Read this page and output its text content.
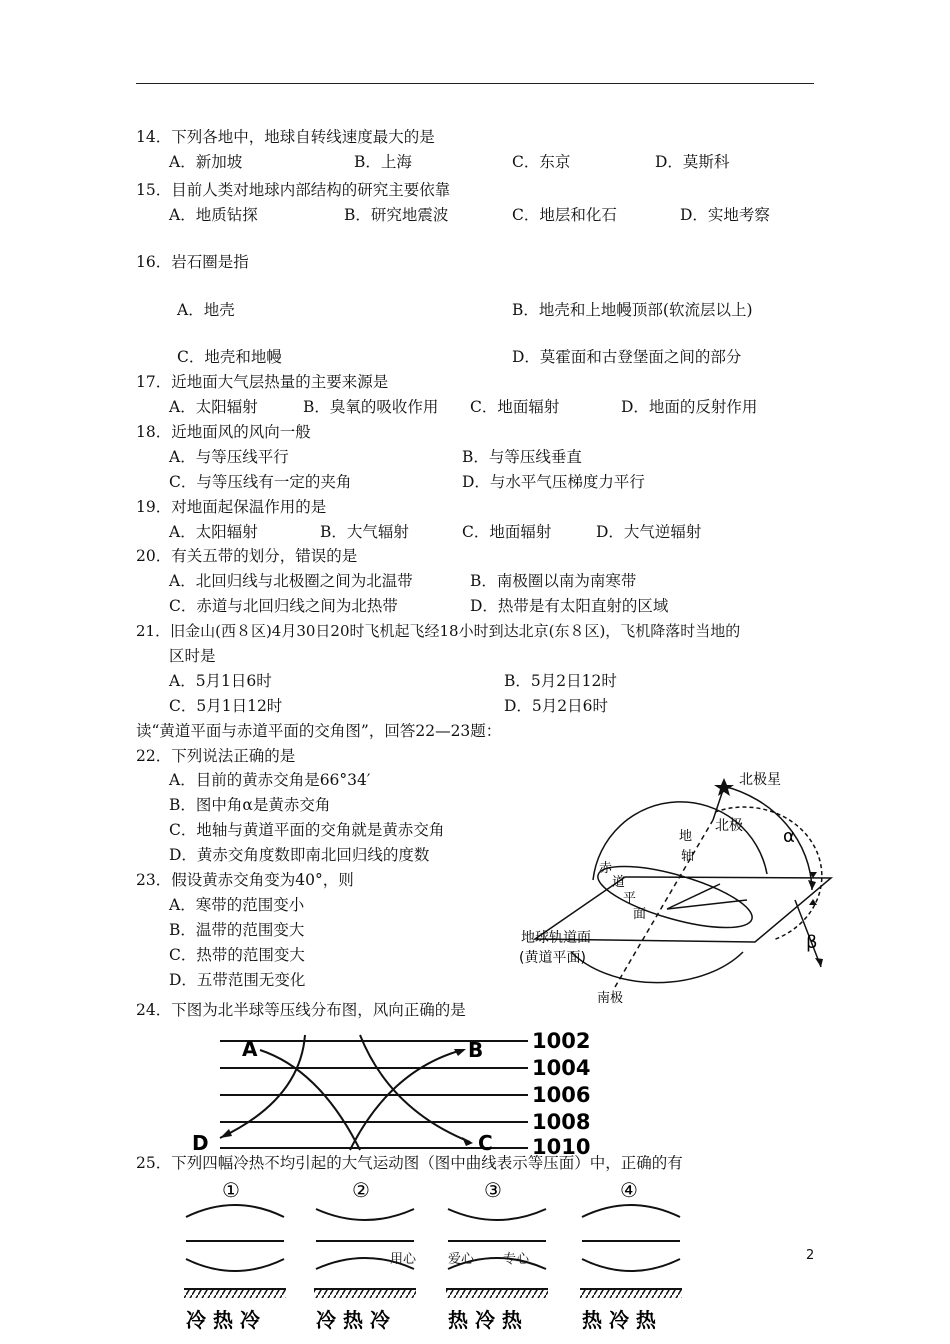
14．下列各地中，地球自转线速度最大的是
A．新加坡	B．上海	C．东京	D．莫斯科
15．目前人类对地球内部结构的研究主要依靠
A．地质钻探	B．研究地震波	C．地层和化石	D．实地考察
16．岩石圈是指
A．地壳	B．地壳和上地幔顶部(软流层以上)
C．地壳和地幔	D．莫霍面和古登堡面之间的部分
17．近地面大气层热量的主要来源是
A．太阳辐射	B．臭氧的吸收作用 C．地面辐射	D．地面的反射作用
18．近地面风的风向一般
A．与等压线平行	B．与等压线垂直
C．与等压线有一定的夹角	D．与水平气压梯度力平行
19．对地面起保温作用的是
A．太阳辐射	B．大气辐射	C．地面辐射	D．大气逆辐射
20．有关五带的划分，错误的是
A．北回归线与北极圈之间为北温带	B．南极圈以南为南寒带
C．赤道与北回归线之间为北热带	D．热带是有太阳直射的区域
21．旧金山(西８区)4月30日20时飞机起飞经18小时到达北京(东８区)，飞机降落时当地的
区时是
A．5月1日6时	B．5月2日12时
C．5月1日12时	D．5月2日6时
读“黄道平面与赤道平面的交角图”，回答22—23题：
22．下列说法正确的是
A．目前的黄赤交角是66°34′
B．图中角α是黄赤交角
C．地轴与黄道平面的交角就是黄赤交角
D．黄赤交角度数即南北回归线的度数
23．假设黄赤交角变为40°，则
A．寒带的范围变小
B．温带的范围变大
C．热带的范围变大
D．五带范围无变化
24．下图为北半球等压线分布图，风向正确的是
25．下列四幅冷热不均引起的大气运动图（图中曲线表示等压面）中，正确的有
北极星
北极
地
轴
赤
道
平
面
地球轨道面
(黄道平面)
南极
α
β
A	B
C
D
1002
1004
1006
1008
1010
①	②	③	④
冷 热 冷	冷 热 冷	热 冷 热	热 冷 热
用心 爱心 专心	2
